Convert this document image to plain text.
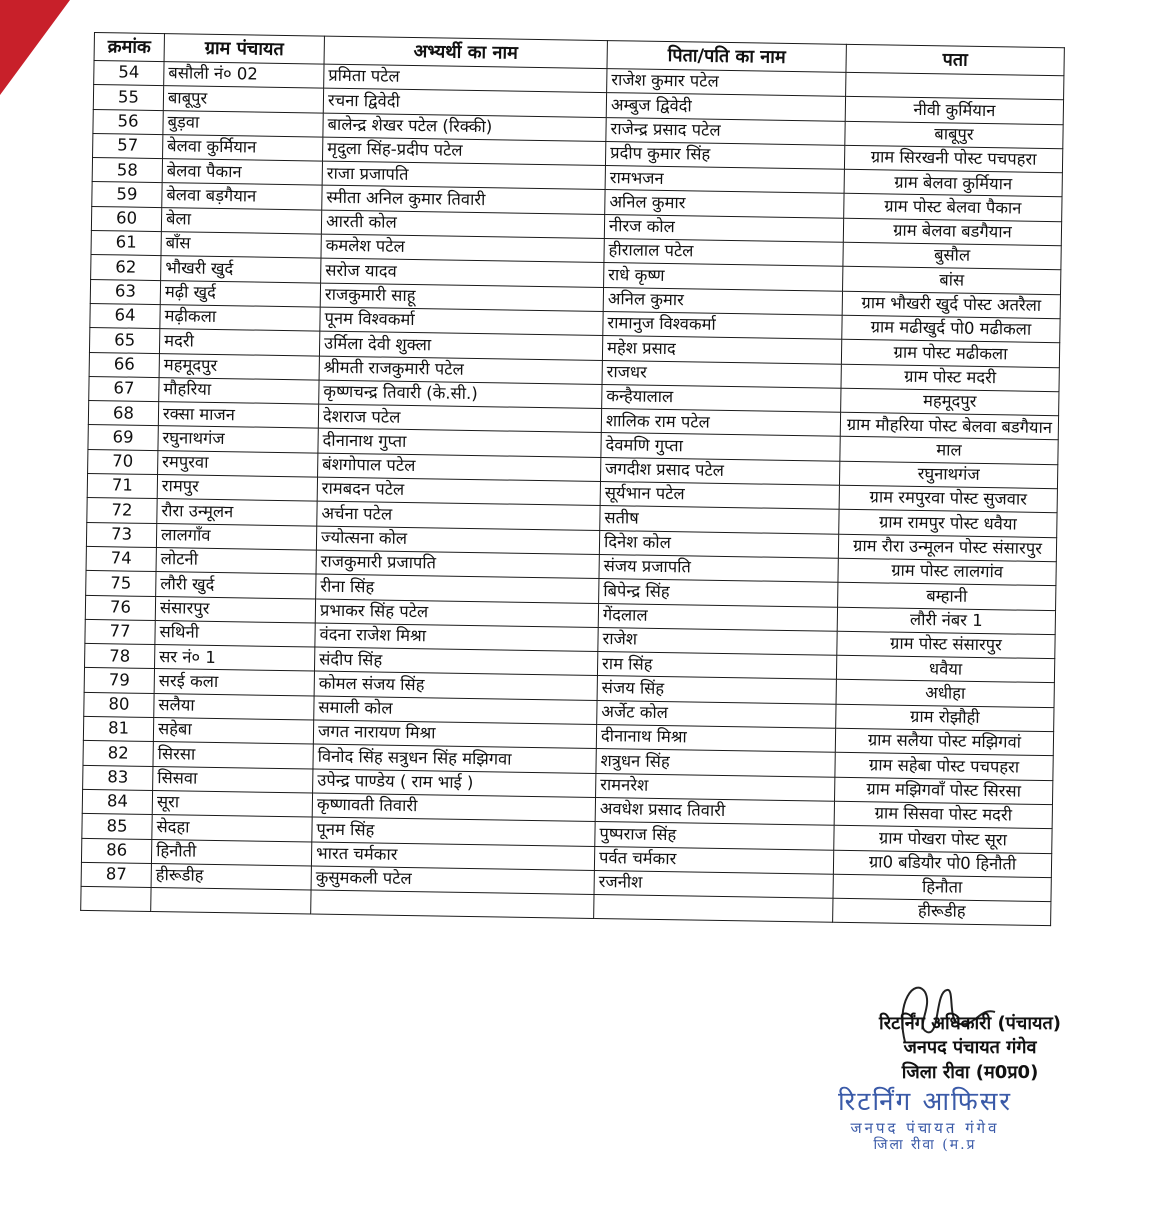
क्रमांक	ग्राम पंचायत	अभ्यर्थी का नाम	पिता/पति का नाम	पता
54	बसौली नं० 02	प्रमिता पटेल	राजेश कुमार पटेल	
55	बाबूपुर	रचना द्विवेदी	अम्बुज द्विवेदी	नीवी कुर्मियान
56	बुड़वा	बालेन्द्र शेखर पटेल (रिक्की)	राजेन्द्र प्रसाद पटेल	बाबूपुर
57	बेलवा कुर्मियान	मृदुला सिंह-प्रदीप पटेल	प्रदीप कुमार सिंह	ग्राम सिरखनी पोस्ट पचपहरा
58	बेलवा पैकान	राजा प्रजापति	रामभजन	ग्राम बेलवा कुर्मियान
59	बेलवा बड़गैयान	स्मीता अनिल कुमार तिवारी	अनिल कुमार	ग्राम पोस्ट बेलवा पैकान
60	बेला	आरती कोल	नीरज कोल	ग्राम बेलवा बडगैयान
61	बाँस	कमलेश पटेल	हीरालाल पटेल	बुसौल
62	भौखरी खुर्द	सरोज यादव	राधे कृष्ण	बांस
63	मढ़ी खुर्द	राजकुमारी साहू	अनिल कुमार	ग्राम भौखरी खुर्द पोस्ट अतरैला
64	मढ़ीकला	पूनम विश्वकर्मा	रामानुज विश्वकर्मा	ग्राम मढीखुर्द पो0 मढीकला
65	मदरी	उर्मिला देवी शुक्ला	महेश प्रसाद	ग्राम पोस्ट मढीकला
66	महमूदपुर	श्रीमती राजकुमारी पटेल	राजधर	ग्राम पोस्ट मदरी
67	मौहरिया	कृष्णचन्द्र तिवारी (के.सी.)	कन्हैयालाल	महमूदपुर
68	रक्सा माजन	देशराज पटेल	शालिक राम पटेल	ग्राम मौहरिया पोस्ट बेलवा बडगैयान
69	रघुनाथगंज	दीनानाथ गुप्ता	देवमणि गुप्ता	माल
70	रमपुरवा	बंशगोपाल पटेल	जगदीश प्रसाद पटेल	रघुनाथगंज
71	रामपुर	रामबदन पटेल	सूर्यभान पटेल	ग्राम रमपुरवा पोस्ट सुजवार
72	रौरा उन्मूलन	अर्चना पटेल	सतीष	ग्राम रामपुर पोस्ट धवैया
73	लालगाँव	ज्योत्सना कोल	दिनेश कोल	ग्राम रौरा उन्मूलन पोस्ट संसारपुर
74	लोटनी	राजकुमारी प्रजापति	संजय प्रजापति	ग्राम पोस्ट लालगांव
75	लौरी खुर्द	रीना सिंह	बिपेन्द्र सिंह	बम्हानी
76	संसारपुर	प्रभाकर सिंह पटेल	गेंदलाल	लौरी नंबर 1
77	सथिनी	वंदना राजेश मिश्रा	राजेश	ग्राम पोस्ट संसारपुर
78	सर नं० 1	संदीप सिंह	राम सिंह	धवैया
79	सरई कला	कोमल संजय सिंह	संजय सिंह	अधीहा
80	सलैया	समाली कोल	अर्जेट कोल	ग्राम रोझौही
81	सहेबा	जगत नारायण मिश्रा	दीनानाथ मिश्रा	ग्राम सलैया पोस्ट मझिगवां
82	सिरसा	विनोद सिंह सत्रुधन सिंह मझिगवा	शत्रुधन सिंह	ग्राम सहेबा पोस्ट पचपहरा
83	सिसवा	उपेन्द्र पाण्डेय ( राम भाई )	रामनरेश	ग्राम मझिगवाँ पोस्ट सिरसा
84	सूरा	कृष्णावती तिवारी	अवधेश प्रसाद तिवारी	ग्राम सिसवा पोस्ट मदरी
85	सेदहा	पूनम सिंह	पुष्पराज सिंह	ग्राम पोखरा पोस्ट सूरा
86	हिनौती	भारत चर्मकार	पर्वत चर्मकार	ग्रा0 बडियौर पो0 हिनौती
87	हीरूडीह	कुसुमकली पटेल	रजनीश	हिनौता
				हीरूडीह
रिटर्निंग अधिकारी (पंचायत)
जनपद पंचायत गंगेव
जिला रीवा (म0प्र0)
रिटर्निंग आफिसर
जनपद पंचायत गंगेव
जिला रीवा (म.प्र
